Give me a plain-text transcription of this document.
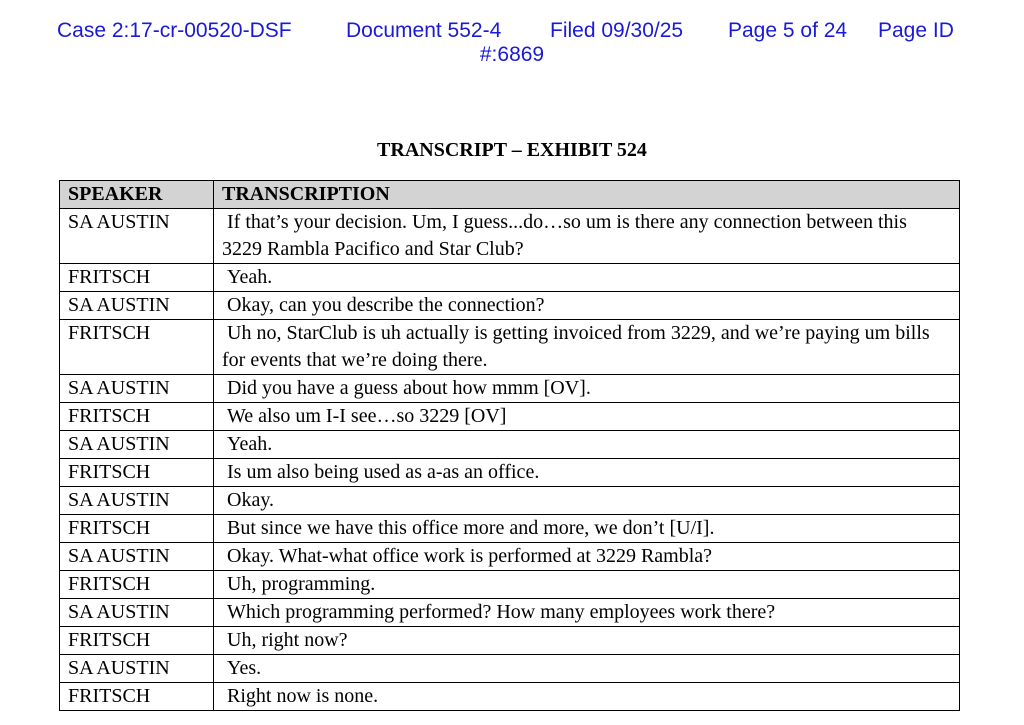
Case 2:17-cr-00520-DSF	Document 552-4 Filed 09/30/25 Page 5 of 24 Page ID
#:6869
TRANSCRIPT – EXHIBIT 524
SPEAKER	TRANSCRIPTION
SA AUSTIN	If that’s your decision. Um, I guess...do…so um is there any connection between this 3229 Rambla Pacifico and Star Club?
FRITSCH	Yeah.
SA AUSTIN	Okay, can you describe the connection?
FRITSCH	Uh no, StarClub is uh actually is getting invoiced from 3229, and we’re paying um bills for events that we’re doing there.
SA AUSTIN	Did you have a guess about how mmm [OV].
FRITSCH	We also um I-I see…so 3229 [OV]
SA AUSTIN	Yeah.
FRITSCH	Is um also being used as a-as an office.
SA AUSTIN	Okay.
FRITSCH	But since we have this office more and more, we don’t [U/I].
SA AUSTIN	Okay. What-what office work is performed at 3229 Rambla?
FRITSCH	Uh, programming.
SA AUSTIN	Which programming performed? How many employees work there?
FRITSCH	Uh, right now?
SA AUSTIN	Yes.
FRITSCH	Right now is none.
